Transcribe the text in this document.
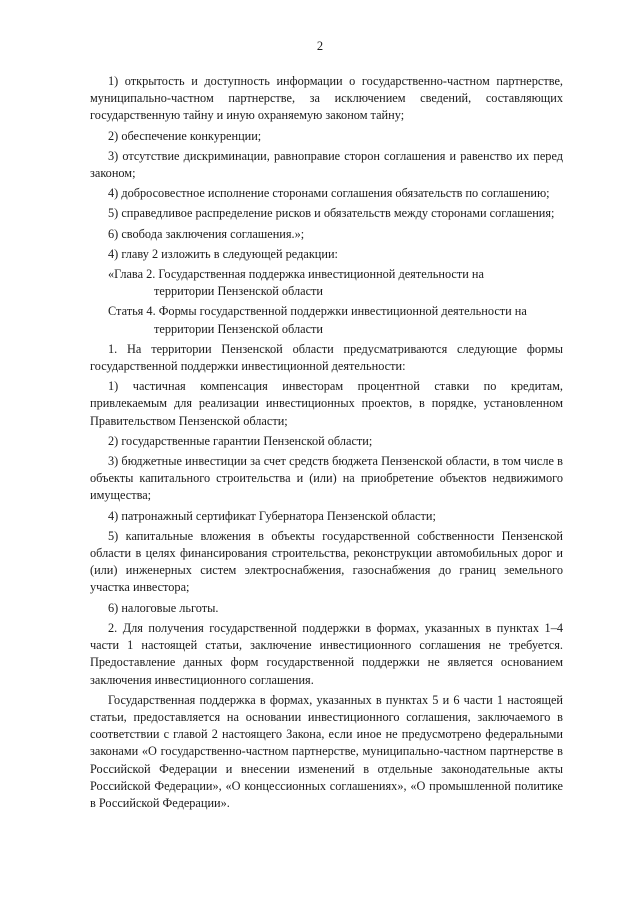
2

1) открытость и доступность информации о государственно-частном партнерстве, муниципально-частном партнерстве, за исключением сведений, составляющих государственную тайну и иную охраняемую законом тайну;

2) обеспечение конкуренции;

3) отсутствие дискриминации, равноправие сторон соглашения и равенство их перед законом;

4) добросовестное исполнение сторонами соглашения обязательств по соглашению;

5) справедливое распределение рисков и обязательств между сторонами соглашения;

6) свобода заключения соглашения.»;

4) главу 2 изложить в следующей редакции:

«Глава 2. Государственная поддержка инвестиционной деятельности на
территории Пензенской области

Статья 4. Формы государственной поддержки инвестиционной деятельности на
территории Пензенской области

1. На территории Пензенской области предусматриваются следующие формы государственной поддержки инвестиционной деятельности:

1) частичная компенсация инвесторам процентной ставки по кредитам, привлекаемым для реализации инвестиционных проектов, в порядке, установленном Правительством Пензенской области;

2) государственные гарантии Пензенской области;

3) бюджетные инвестиции за счет средств бюджета Пензенской области, в том числе в объекты капитального строительства и (или) на приобретение объектов недвижимого имущества;

4) патронажный сертификат Губернатора Пензенской области;

5) капитальные вложения в объекты государственной собственности Пензенской области в целях финансирования строительства, реконструкции автомобильных дорог и (или) инженерных систем электроснабжения, газоснабжения до границ земельного участка инвестора;

6) налоговые льготы.

2. Для получения государственной поддержки в формах, указанных в пунктах 1–4 части 1 настоящей статьи, заключение инвестиционного соглашения не требуется. Предоставление данных форм государственной поддержки не является основанием заключения инвестиционного соглашения.

Государственная поддержка в формах, указанных в пунктах 5 и 6 части 1 настоящей статьи, предоставляется на основании инвестиционного соглашения, заключаемого в соответствии с главой 2 настоящего Закона, если иное не предусмотрено федеральными законами «О государственно-частном партнерстве, муниципально-частном партнерстве в Российской Федерации и внесении изменений в отдельные законодательные акты Российской Федерации», «О концессионных соглашениях», «О промышленной политике в Российской Федерации».
